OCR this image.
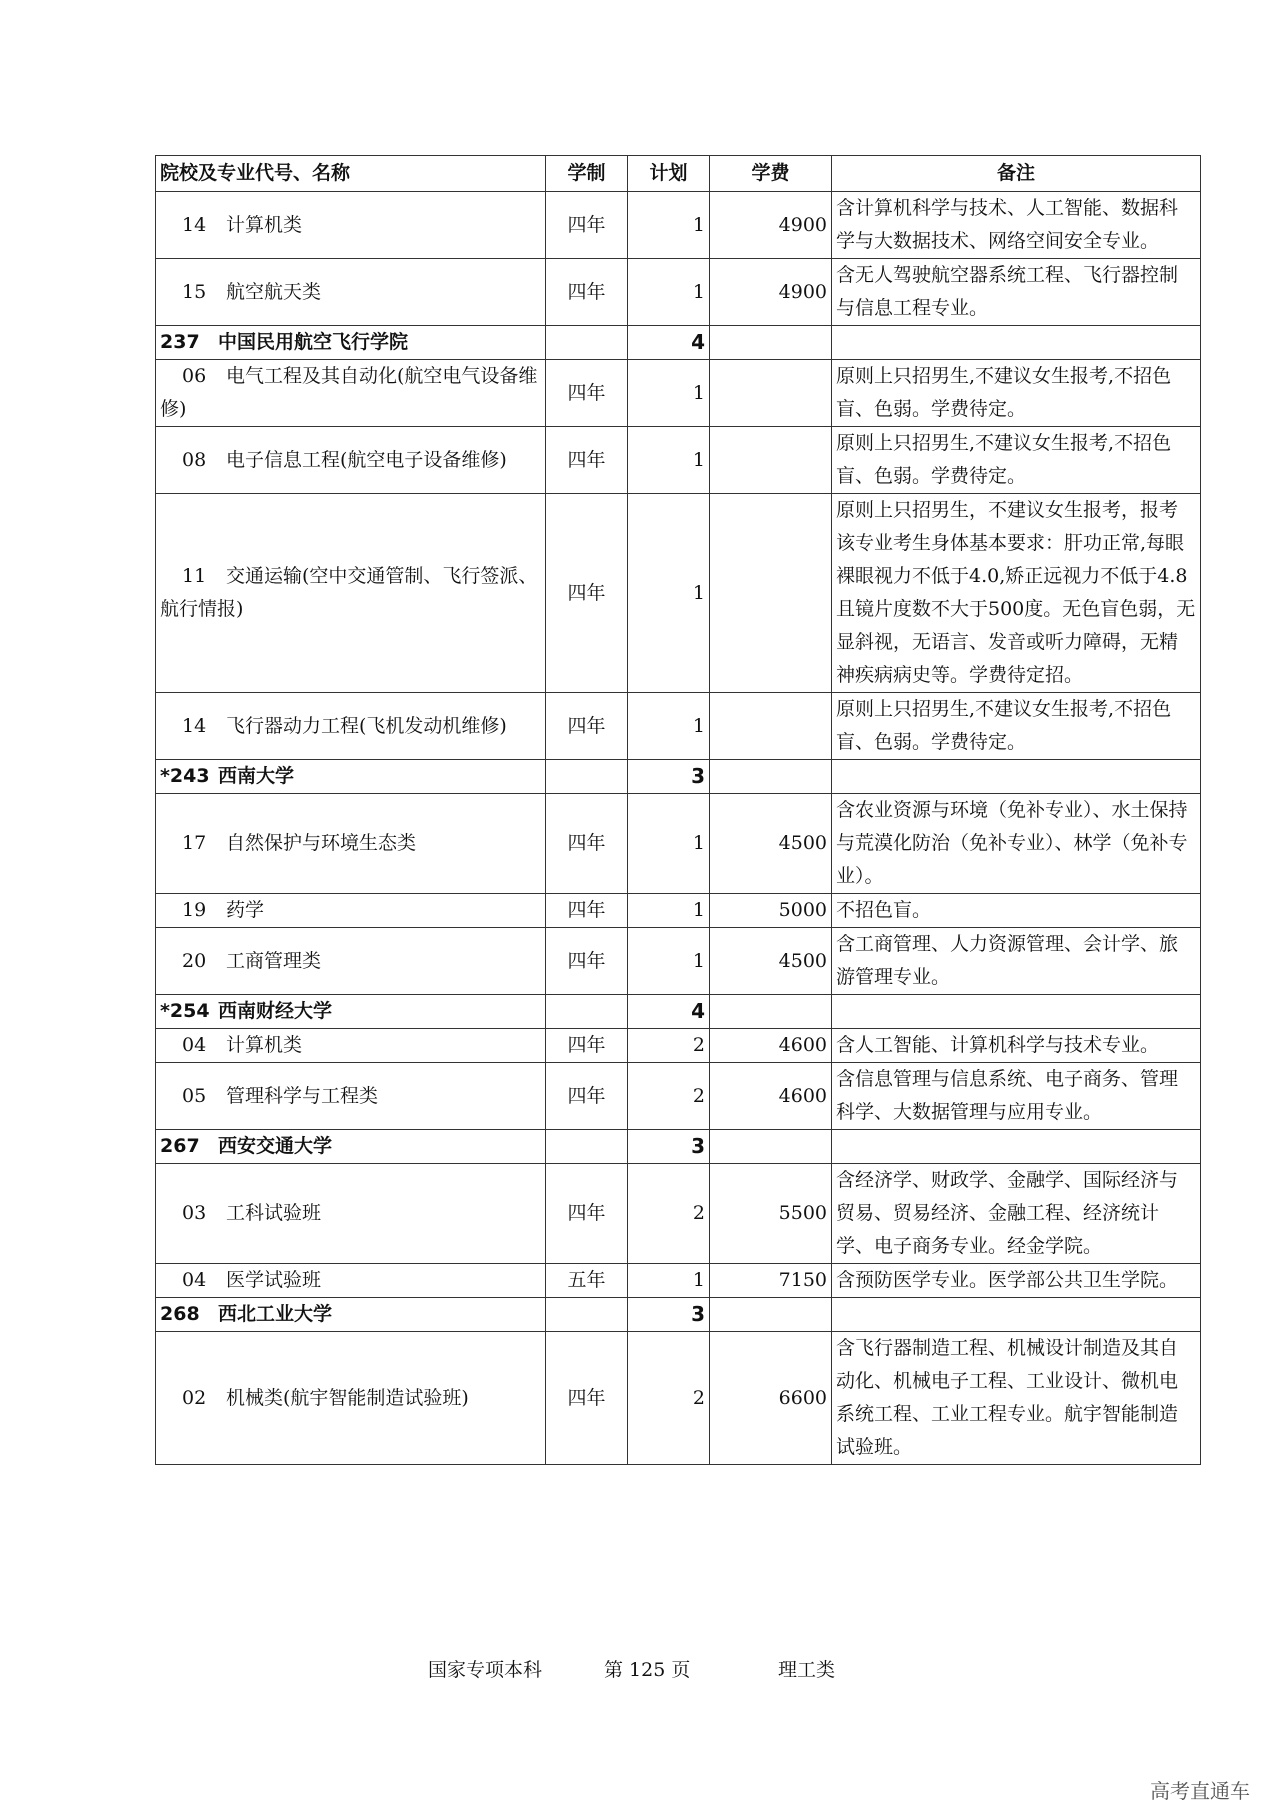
院校及专业代号、名称	学制	计划	学费	备注
14 计算机类	四年	1	4900	含计算机科学与技术、人工智能、数据科学与大数据技术、网络空间安全专业。
15 航空航天类	四年	1	4900	含无人驾驶航空器系统工程、飞行器控制与信息工程专业。
237 中国民用航空飞行学院		4		
06 电气工程及其自动化(航空电气设备维修)	四年	1		原则上只招男生,不建议女生报考,不招色盲、色弱。学费待定。
08 电子信息工程(航空电子设备维修)	四年	1		原则上只招男生,不建议女生报考,不招色盲、色弱。学费待定。
11 交通运输(空中交通管制、飞行签派、航行情报)	四年	1		原则上只招男生，不建议女生报考，报考该专业考生身体基本要求：肝功正常,每眼裸眼视力不低于4.0,矫正远视力不低于4.8且镜片度数不大于500度。无色盲色弱，无显斜视，无语言、发音或听力障碍，无精神疾病病史等。学费待定招。
14 飞行器动力工程(飞机发动机维修)	四年	1		原则上只招男生,不建议女生报考,不招色盲、色弱。学费待定。
*243 西南大学		3		
17 自然保护与环境生态类	四年	1	4500	含农业资源与环境（免补专业）、水土保持与荒漠化防治（免补专业）、林学（免补专业）。
19 药学	四年	1	5000	不招色盲。
20 工商管理类	四年	1	4500	含工商管理、人力资源管理、会计学、旅游管理专业。
*254 西南财经大学		4		
04 计算机类	四年	2	4600	含人工智能、计算机科学与技术专业。
05 管理科学与工程类	四年	2	4600	含信息管理与信息系统、电子商务、管理科学、大数据管理与应用专业。
267 西安交通大学		3		
03 工科试验班	四年	2	5500	含经济学、财政学、金融学、国际经济与贸易、贸易经济、金融工程、经济统计学、电子商务专业。经金学院。
04 医学试验班	五年	1	7150	含预防医学专业。医学部公共卫生学院。
268 西北工业大学		3		
02 机械类(航宇智能制造试验班)	四年	2	6600	含飞行器制造工程、机械设计制造及其自动化、机械电子工程、工业设计、微机电系统工程、工业工程专业。航宇智能制造试验班。
国家专项本科	第 125 页	理工类
高考直通车
